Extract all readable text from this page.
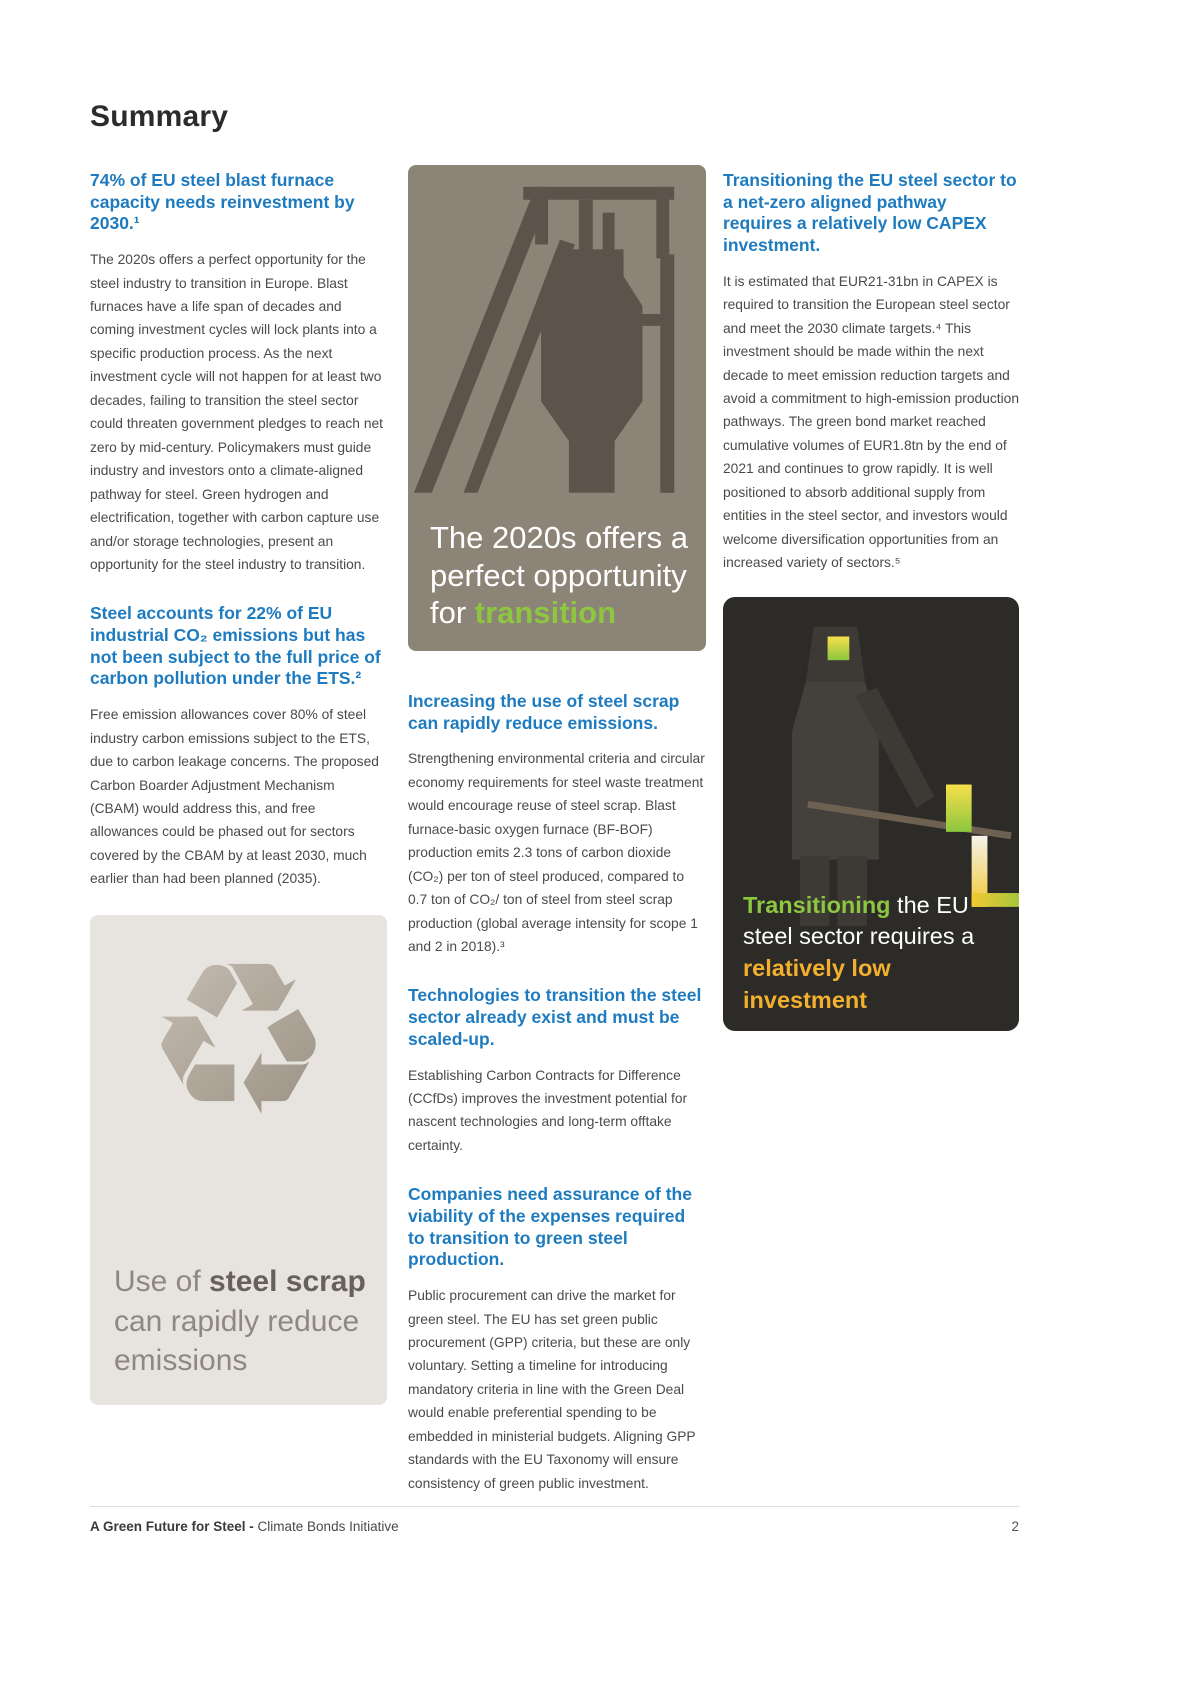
Summary
74% of EU steel blast furnace capacity needs reinvestment by 2030.¹

The 2020s offers a perfect opportunity for the steel industry to transition in Europe. Blast furnaces have a life span of decades and coming investment cycles will lock plants into a specific production process. As the next investment cycle will not happen for at least two decades, failing to transition the steel sector could threaten government pledges to reach net zero by mid-century. Policymakers must guide industry and investors onto a climate-aligned pathway for steel. Green hydrogen and electrification, together with carbon capture use and/or storage technologies, present an opportunity for the steel industry to transition.

Steel accounts for 22% of EU industrial CO₂ emissions but has not been subject to the full price of carbon pollution under the ETS.²

Free emission allowances cover 80% of steel industry carbon emissions subject to the ETS, due to carbon leakage concerns. The proposed Carbon Boarder Adjustment Mechanism (CBAM) would address this, and free allowances could be phased out for sectors covered by the CBAM by at least 2030, much earlier than had been planned (2035).

♻

Use of steel scrap can rapidly reduce emissions

The 2020s offers a perfect opportunity for transition

Increasing the use of steel scrap can rapidly reduce emissions.

Strengthening environmental criteria and circular economy requirements for steel waste treatment would encourage reuse of steel scrap. Blast furnace-basic oxygen furnace (BF-BOF) production emits 2.3 tons of carbon dioxide (CO₂) per ton of steel produced, compared to 0.7 ton of CO₂/ ton of steel from steel scrap production (global average intensity for scope 1 and 2 in 2018).³

Technologies to transition the steel sector already exist and must be scaled-up.

Establishing Carbon Contracts for Difference (CCfDs) improves the investment potential for nascent technologies and long-term offtake certainty.

Companies need assurance of the viability of the expenses required to transition to green steel production.

Public procurement can drive the market for green steel. The EU has set green public procurement (GPP) criteria, but these are only voluntary. Setting a timeline for introducing mandatory criteria in line with the Green Deal would enable preferential spending to be embedded in ministerial budgets. Aligning GPP standards with the EU Taxonomy will ensure consistency of green public investment.

Transitioning the EU steel sector to a net-zero aligned pathway requires a relatively low CAPEX investment.

It is estimated that EUR21-31bn in CAPEX is required to transition the European steel sector and meet the 2030 climate targets.⁴ This investment should be made within the next decade to meet emission reduction targets and avoid a commitment to high-emission production pathways. The green bond market reached cumulative volumes of EUR1.8tn by the end of 2021 and continues to grow rapidly. It is well positioned to absorb additional supply from entities in the steel sector, and investors would welcome diversification opportunities from an increased variety of sectors.⁵

Transitioning the EU steel sector requires a relatively low investment

A Green Future for Steel - Climate Bonds Initiative	2
